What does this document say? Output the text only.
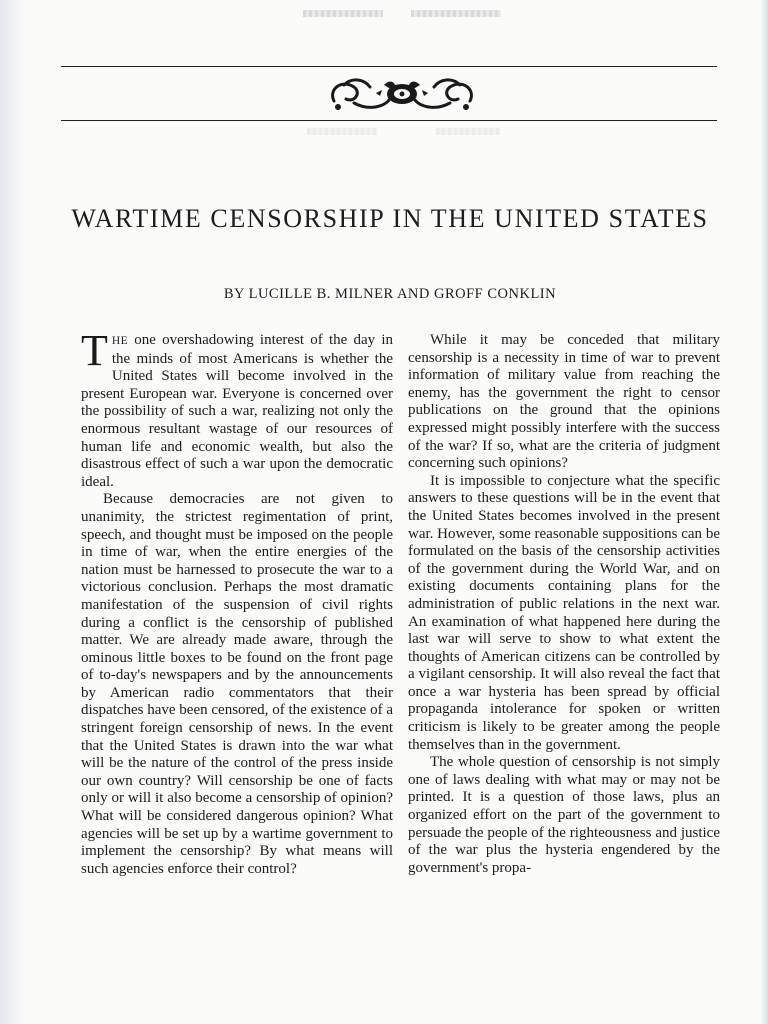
WARTIME CENSORSHIP IN THE UNITED STATES
BY LUCILLE B. MILNER AND GROFF CONKLIN

THE one overshadowing interest of the day in the minds of most Americans is whether the United States will become involved in the present European war. Everyone is concerned over the possibility of such a war, realizing not only the enormous resultant wastage of our resources of human life and economic wealth, but also the disastrous effect of such a war upon the democratic ideal.

Because democracies are not given to unanimity, the strictest regimentation of print, speech, and thought must be imposed on the people in time of war, when the entire energies of the nation must be harnessed to prosecute the war to a victorious conclusion. Perhaps the most dramatic manifestation of the suspension of civil rights during a conflict is the censorship of published matter. We are already made aware, through the ominous little boxes to be found on the front page of to-day's newspapers and by the announcements by American radio commentators that their dispatches have been censored, of the existence of a stringent foreign censorship of news. In the event that the United States is drawn into the war what will be the nature of the control of the press inside our own country? Will censorship be one of facts only or will it also become a censorship of opinion? What will be considered dangerous opinion? What agencies will be set up by a wartime government to implement the censorship? By what means will such agencies enforce their control?

While it may be conceded that military censorship is a necessity in time of war to prevent information of military value from reaching the enemy, has the government the right to censor publications on the ground that the opinions expressed might possibly interfere with the success of the war? If so, what are the criteria of judgment concerning such opinions?

It is impossible to conjecture what the specific answers to these questions will be in the event that the United States becomes involved in the present war. However, some reasonable suppositions can be formulated on the basis of the censorship activities of the government during the World War, and on existing documents containing plans for the administration of public relations in the next war. An examination of what happened here during the last war will serve to show to what extent the thoughts of American citizens can be controlled by a vigilant censorship. It will also reveal the fact that once a war hysteria has been spread by official propaganda intolerance for spoken or written criticism is likely to be greater among the people themselves than in the government.

The whole question of censorship is not simply one of laws dealing with what may or may not be printed. It is a question of those laws, plus an organized effort on the part of the government to persuade the people of the righteousness and justice of the war plus the hysteria engendered by the government's propa-
